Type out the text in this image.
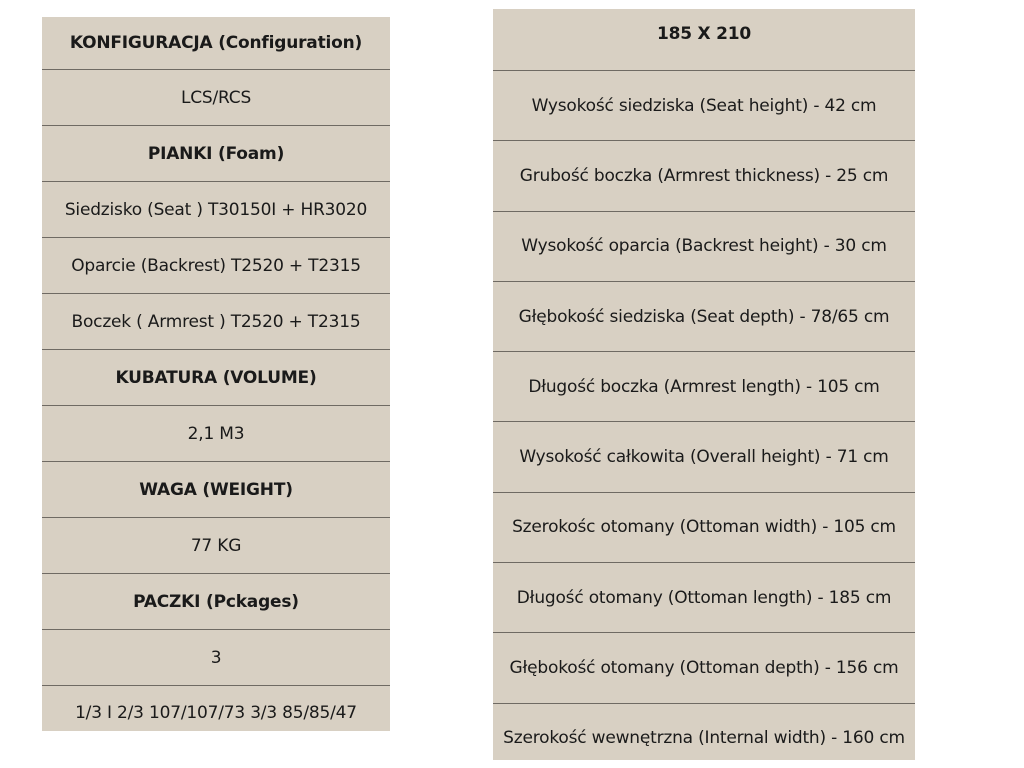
KONFIGURACJA (Configuration)
LCS/RCS
PIANKI (Foam)
Siedzisko (Seat ) T30150I + HR3020
Oparcie (Backrest) T2520 + T2315
Boczek ( Armrest ) T2520 + T2315
KUBATURA (VOLUME)
2,1 M3
WAGA (WEIGHT)
77 KG
PACZKI (Pckages)
3
1/3 I 2/3 107/107/73 3/3 85/85/47
185 X 210
Wysokość siedziska (Seat height) - 42 cm
Grubość boczka (Armrest thickness) - 25 cm
Wysokość oparcia (Backrest height) - 30 cm
Głębokość siedziska (Seat depth) - 78/65 cm
Długość boczka (Armrest length) - 105 cm
Wysokość całkowita (Overall height) - 71 cm
Szerokośc otomany (Ottoman width) - 105 cm
Długość otomany (Ottoman length) - 185 cm
Głębokość otomany (Ottoman depth) - 156 cm
Szerokość wewnętrzna (Internal width) - 160 cm
